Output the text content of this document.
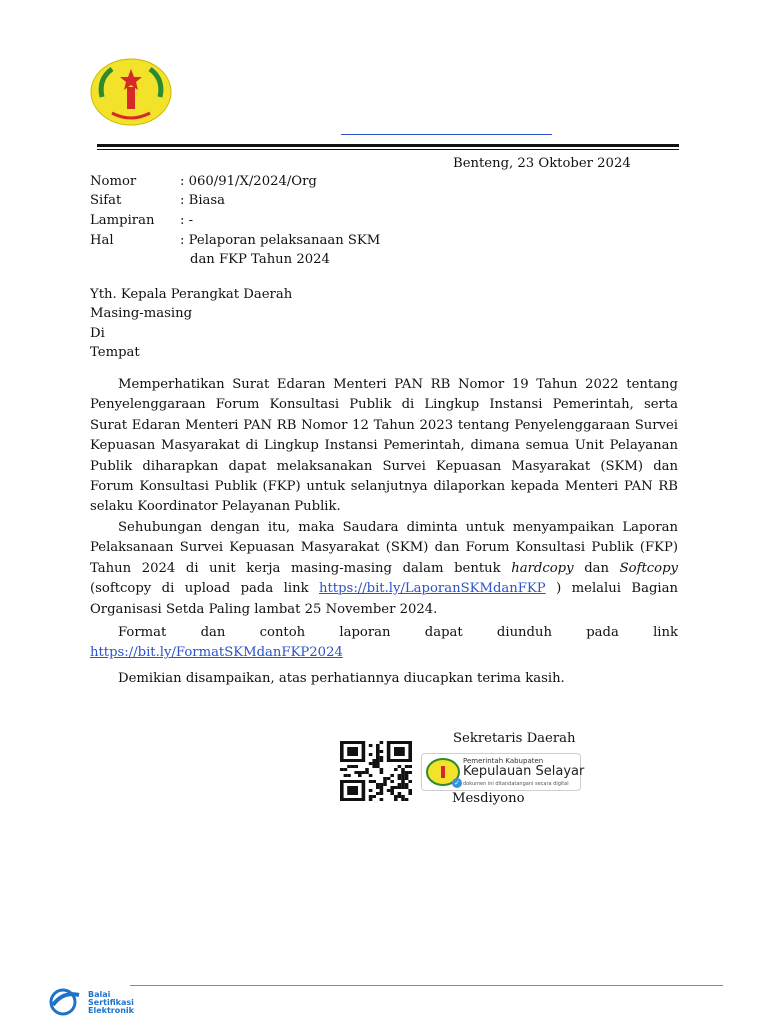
Benteng, 23 Oktober 2024
Nomor	: 060/91/X/2024/Org
Sifat	: Biasa
Lampiran : -
Hal	: Pelaporan pelaksanaan SKM
dan FKP Tahun 2024
Yth. Kepala Perangkat Daerah
Masing-masing
Di
Tempat
Memperhatikan Surat Edaran Menteri PAN RB Nomor 19 Tahun 2022 tentang
Penyelenggaraan Forum Konsultasi Publik di Lingkup Instansi Pemerintah, serta
Surat Edaran Menteri PAN RB Nomor 12 Tahun 2023 tentang Penyelenggaraan Survei
Kepuasan Masyarakat di Lingkup Instansi Pemerintah, dimana semua Unit Pelayanan
Publik diharapkan dapat melaksanakan Survei Kepuasan Masyarakat (SKM) dan
Forum Konsultasi Publik (FKP) untuk selanjutnya dilaporkan kepada Menteri PAN RB
selaku Koordinator Pelayanan Publik.
Sehubungan dengan itu, maka Saudara diminta untuk menyampaikan Laporan
Pelaksanaan Survei Kepuasan Masyarakat (SKM) dan Forum Konsultasi Publik (FKP)
Tahun 2024 di unit kerja masing-masing dalam bentuk hardcopy dan Softcopy
(softcopy di upload pada link https://bit.ly/LaporanSKMdanFKP ) melalui Bagian
Organisasi Setda Paling lambat 25 November 2024.
Format dan contoh laporan dapat diunduh pada link
https://bit.ly/FormatSKMdanFKP2024
Demikian disampaikan, atas perhatiannya diucapkan terima kasih.
Sekretaris Daerah
✓
Pemerintah Kabupaten
Kepulauan Selayar
dokumen ini ditandatangani secara digital
Mesdiyono
Balai
Sertifikasi
Elektronik
